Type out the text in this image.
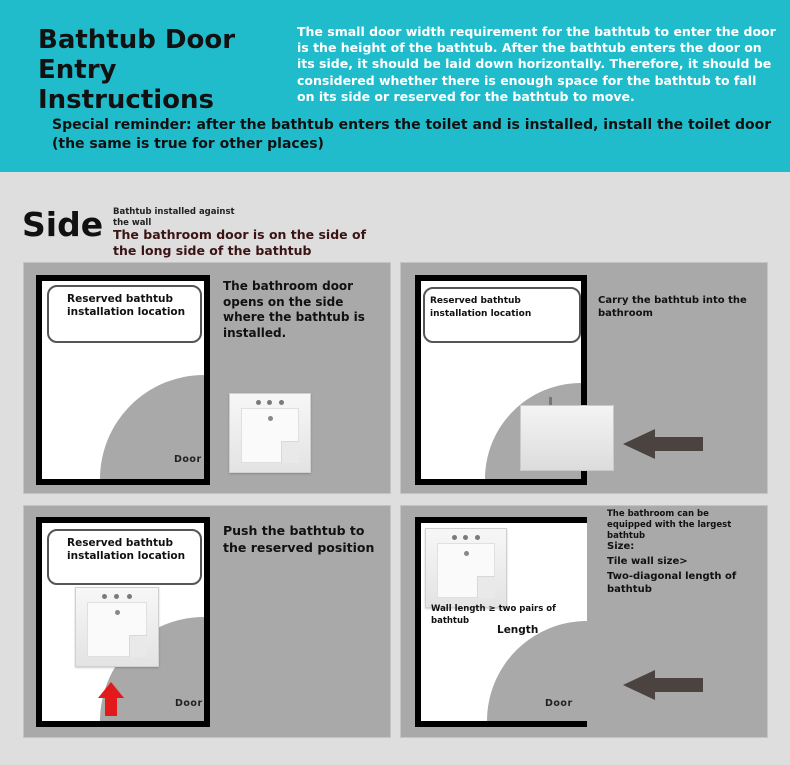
Bathtub Door Entry Instructions
The small door width requirement for the bathtub to enter the door is the height of the bathtub. After the bathtub enters the door on its side, it should be laid down horizontally. Therefore, it should be considered whether there is enough space for the bathtub to fall on its side or reserved for the bathtub to move.
Special reminder: after the bathtub enters the toilet and is installed, install the toilet door (the same is true for other places)
Side Bathtub installed against the wall
The bathroom door is on the side of the long side of the bathtub
Reserved bathtub installation location
Door
The bathroom door opens on the side where the bathtub is installed.
Reserved bathtub installation location
Carry the bathtub into the bathroom
Reserved bathtub installation location
Door
Push the bathtub to the reserved position
Wall length ≥ two pairs of bathtub
Length
Door
The bathroom can be equipped with the largest bathtub
Size:
Tile wall size>
Two-diagonal length of bathtub
